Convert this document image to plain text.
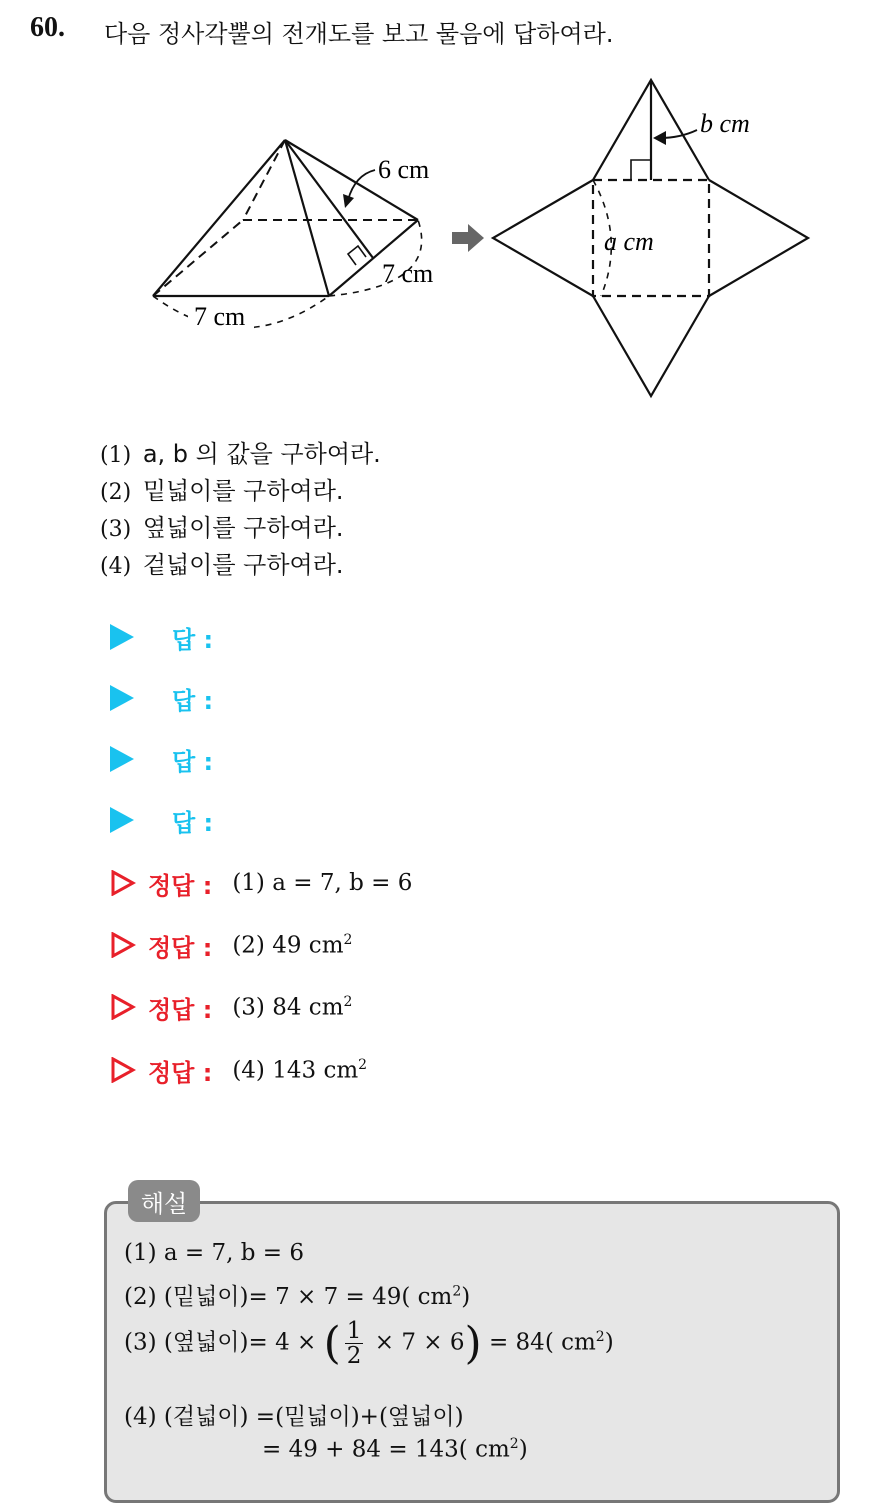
60. 다음 정사각뿔의 전개도를 보고 물음에 답하여라.
6 cm
7 cm
7 cm
b cm
a cm
(1) a, b 의 값을 구하여라.
(2) 밑넓이를 구하여라.
(3) 옆넓이를 구하여라.
(4) 겉넓이를 구하여라.
답 :
답 :
답 :
답 :
정답 : (1) a = 7, b = 6
정답 : (2) 49 $cm^2$
정답 : (3) 84 $cm^2$
정답 : (4) 143 $cm^2$
해설
(1) a = 7, b = 6
(2) (밑넓이)= 7 × 7 = 49( $cm^2$)
(3) (옆넓이)= 4 × ( $\frac{1}{2} \times 7 \times 6) = 84$( $cm^2$)
(4) (겉넓이) =(밑넓이)+(옆넓이)
= 49 + 84 = 143( $cm^2$)
